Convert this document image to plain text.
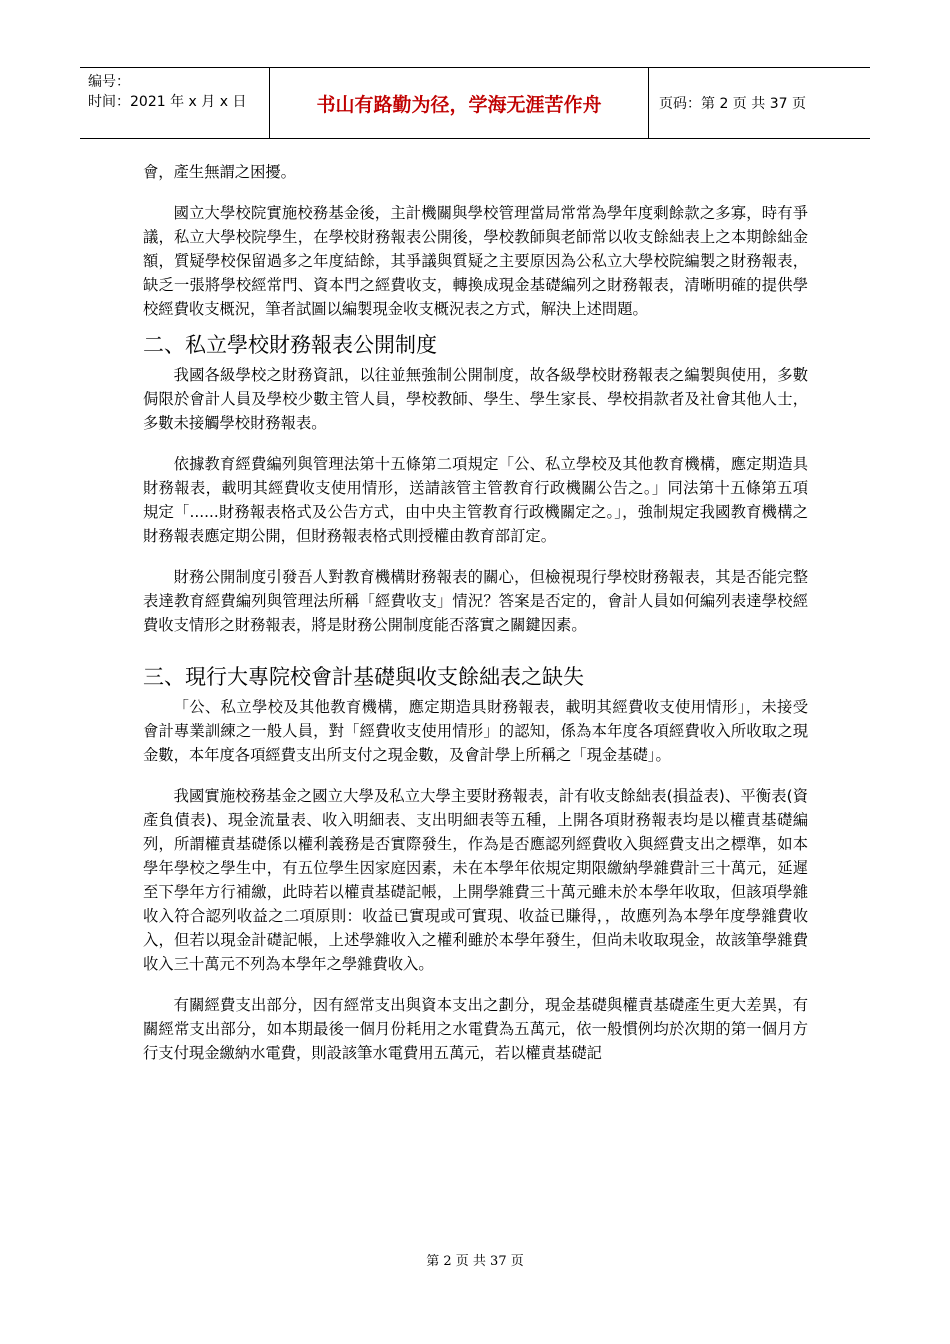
编号：
时间：2021 年 x 月 x 日	书山有路勤为径，学海无涯苦作舟	页码：第 2 页 共 37 页

會，產生無謂之困擾。

國立大學校院實施校務基金後，主計機關與學校管理當局常常為學年度剩餘款之多寡，時有爭議，私立大學校院學生，在學校財務報表公開後，學校教師與老師常以收支餘絀表上之本期餘絀金額，質疑學校保留過多之年度結餘，其爭議與質疑之主要原因為公私立大學校院編製之財務報表，缺乏一張將學校經常門、資本門之經費收支，轉換成現金基礎編列之財務報表，清晰明確的提供學校經費收支概況，筆者試圖以編製現金收支概況表之方式，解決上述問題。

二、私立學校財務報表公開制度

我國各級學校之財務資訊，以往並無強制公開制度，故各級學校財務報表之編製與使用，多數侷限於會計人員及學校少數主管人員，學校教師、學生、學生家長、學校捐款者及社會其他人士，多數未接觸學校財務報表。

依據教育經費編列與管理法第十五條第二項規定「公、私立學校及其他教育機構，應定期造具財務報表，載明其經費收支使用情形，送請該管主管教育行政機關公告之。」同法第十五條第五項規定「......財務報表格式及公告方式，由中央主管教育行政機關定之。」，強制規定我國教育機構之財務報表應定期公開，但財務報表格式則授權由教育部訂定。

財務公開制度引發吾人對教育機構財務報表的關心，但檢視現行學校財務報表，其是否能完整表達教育經費編列與管理法所稱「經費收支」情況？答案是否定的，會計人員如何編列表達學校經費收支情形之財務報表，將是財務公開制度能否落實之關鍵因素。

三、現行大專院校會計基礎與收支餘絀表之缺失

「公、私立學校及其他教育機構，應定期造具財務報表，載明其經費收支使用情形」，未接受會計專業訓練之一般人員，對「經費收支使用情形」的認知，係為本年度各項經費收入所收取之現金數，本年度各項經費支出所支付之現金數，及會計學上所稱之「現金基礎」。

我國實施校務基金之國立大學及私立大學主要財務報表，計有收支餘絀表(損益表)、平衡表(資產負債表)、現金流量表、收入明細表、支出明細表等五種，上開各項財務報表均是以權責基礎編列，所謂權責基礎係以權利義務是否實際發生，作為是否應認列經費收入與經費支出之標準，如本學年學校之學生中，有五位學生因家庭因素，未在本學年依規定期限繳納學雜費計三十萬元，延遲至下學年方行補繳，此時若以權責基礎記帳，上開學雜費三十萬元雖未於本學年收取，但該項學雜收入符合認列收益之二項原則：收益已實現或可實現、收益已賺得，，故應列為本學年度學雜費收入，但若以現金計礎記帳，上述學雜收入之權利雖於本學年發生，但尚未收取現金，故該筆學雜費收入三十萬元不列為本學年之學雜費收入。

有關經費支出部分，因有經常支出與資本支出之劃分，現金基礎與權責基礎產生更大差異，有關經常支出部分，如本期最後一個月份耗用之水電費為五萬元，依一般慣例均於次期的第一個月方行支付現金繳納水電費，則設該筆水電費用五萬元，若以權責基礎記

第 2 页 共 37 页
